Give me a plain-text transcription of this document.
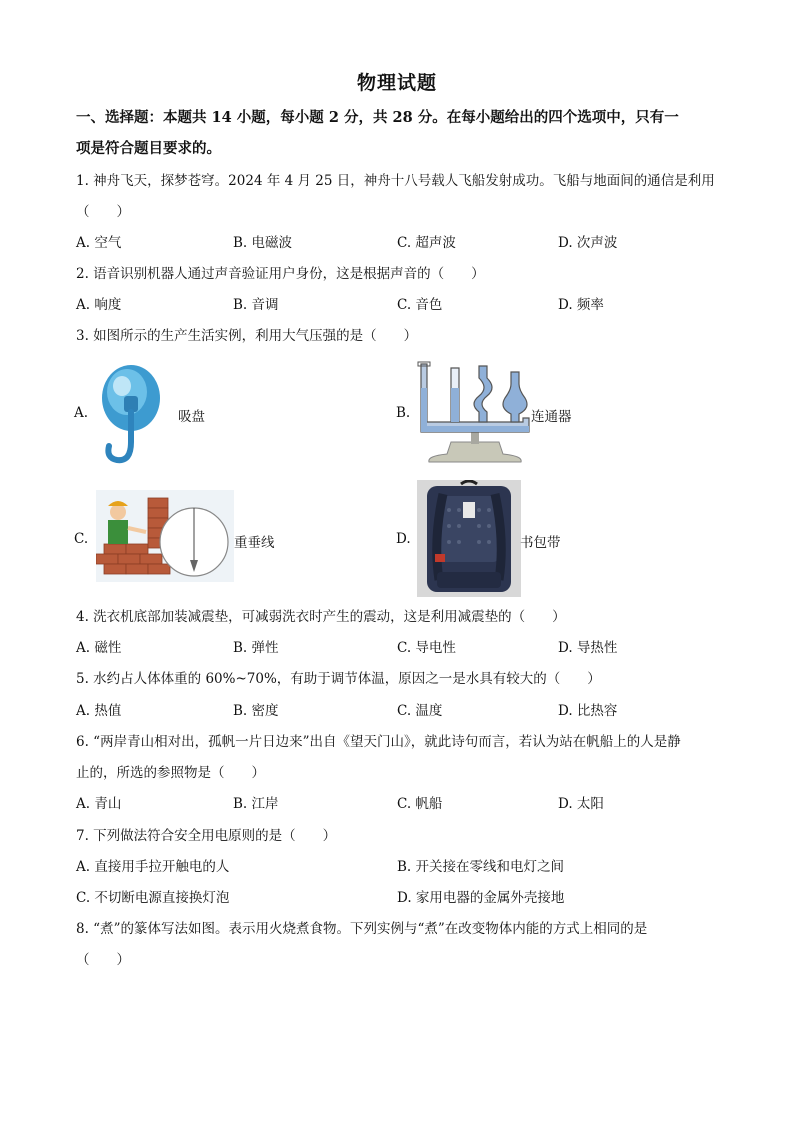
物理试题
一、选择题：本题共 14 小题，每小题 2 分，共 28 分。在每小题给出的四个选项中，只有一
项是符合题目要求的。
1. 神舟飞天，探梦苍穹。2024 年 4 月 25 日，神舟十八号载人飞船发射成功。飞船与地面间的通信是利用
（　　）
A. 空气	B. 电磁波	C. 超声波	D. 次声波
2. 语音识别机器人通过声音验证用户身份，这是根据声音的（　　）
A. 响度	B. 音调	C. 音色	D. 频率
3. 如图所示的生产生活实例，利用大气压强的是（　　）
A.	吸盘	B.	连通器
C.	重垂线	D.	书包带
4. 洗衣机底部加装减震垫，可减弱洗衣时产生的震动，这是利用减震垫的（　　）
A. 磁性	B. 弹性	C. 导电性	D. 导热性
5. 水约占人体体重的 60%~70%，有助于调节体温，原因之一是水具有较大的（　　）
A. 热值	B. 密度	C. 温度	D. 比热容
6. “两岸青山相对出，孤帆一片日边来”出自《望天门山》，就此诗句而言，若认为站在帆船上的人是静
止的，所选的参照物是（　　）
A. 青山	B. 江岸	C. 帆船	D. 太阳
7. 下列做法符合安全用电原则的是（　　）
A. 直接用手拉开触电的人	B. 开关接在零线和电灯之间
C. 不切断电源直接换灯泡	D. 家用电器的金属外壳接地
8. “煮”的篆体写法如图。表示用火烧煮食物。下列实例与“煮”在改变物体内能的方式上相同的是
（　　）
